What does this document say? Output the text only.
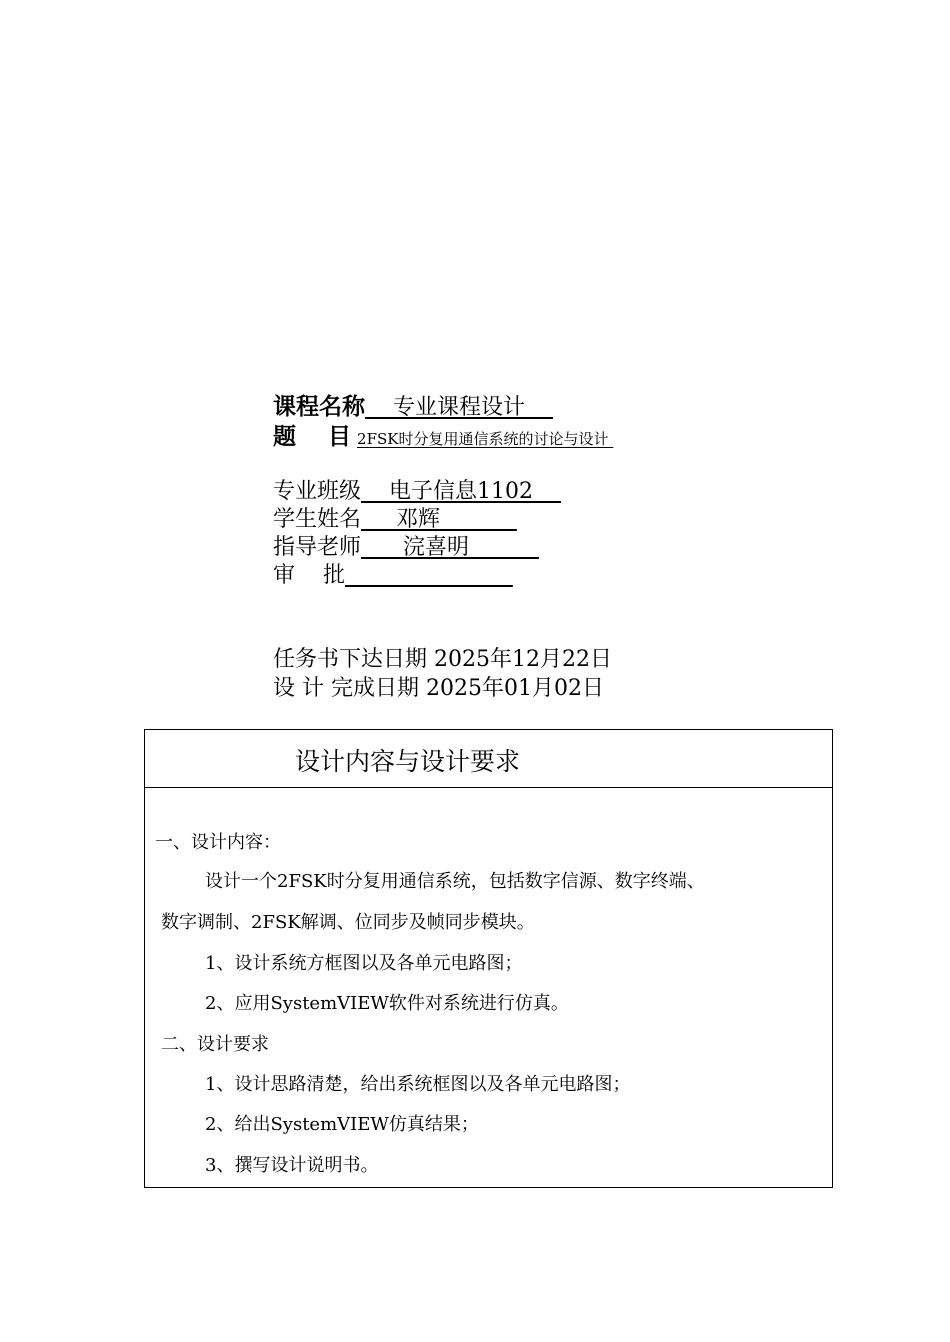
课程名称    专业课程设计
题    目 2FSK时分复用通信系统的讨论与设计
专业班级    电子信息1102
学生姓名     邓辉
指导老师      浣喜明
审    批
任务书下达日期 2025年12月22日
设 计 完成日期 2025年01月02日
设计内容与设计要求
一、设计内容：
设计一个2FSK时分复用通信系统，包括数字信源、数字终端、
数字调制、2FSK解调、位同步及帧同步模块。
1、设计系统方框图以及各单元电路图；
2、应用SystemVIEW软件对系统进行仿真。
二、设计要求
1、设计思路清楚，给出系统框图以及各单元电路图；
2、给出SystemVIEW仿真结果；
3、撰写设计说明书。
